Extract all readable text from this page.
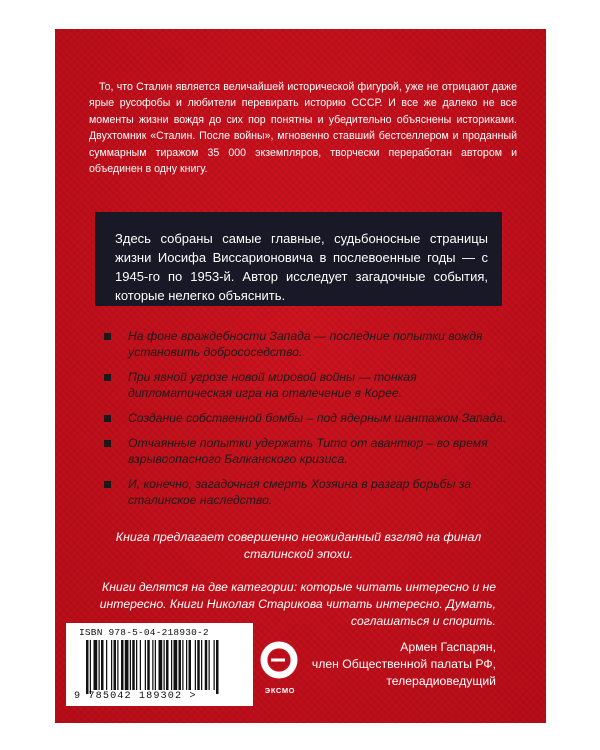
То, что Сталин является величайшей исторической фигурой, уже не отрицают даже ярые русофобы и любители перевирать историю СССР. И все же далеко не все моменты жизни вождя до сих пор понятны и убедительно объяснены историками. Двухтомник «Сталин. После войны», мгновенно ставший бестселлером и проданный суммарным тиражом 35 000 экземпляров, творчески переработан автором и объединен в одну книгу.

Здесь собраны самые главные, судьбоносные страницы жизни Иосифа Виссарионовича в послевоенные годы — с 1945-го по 1953-й. Автор исследует загадочные события, которые нелегко объяснить.
На фоне враждебности Запада — последние попытки вождя установить добрососедство.
При явной угрозе новой мировой войны — тонкая дипломатическая игра на отвлечение в Корее.
Создание собственной бомбы – под ядерным шантажом Запада.
Отчаянные попытки удержать Тито от авантюр – во время взрывоопасного Балканского кризиса.
И, конечно, загадочная смерть Хозяина в разгар борьбы за сталинское наследство.

Книга предлагает совершенно неожиданный взгляд на финал сталинской эпохи.

Книги делятся на две категории: которые читать интересно и не интересно. Книги Николая Старикова читать интересно. Думать, соглашаться и спорить.

Армен Гаспарян,
член Общественной палаты РФ,
телерадиоведущий

ISBN 978-5-04-218930-2
9 785042 189302 >
ЭКСМО
